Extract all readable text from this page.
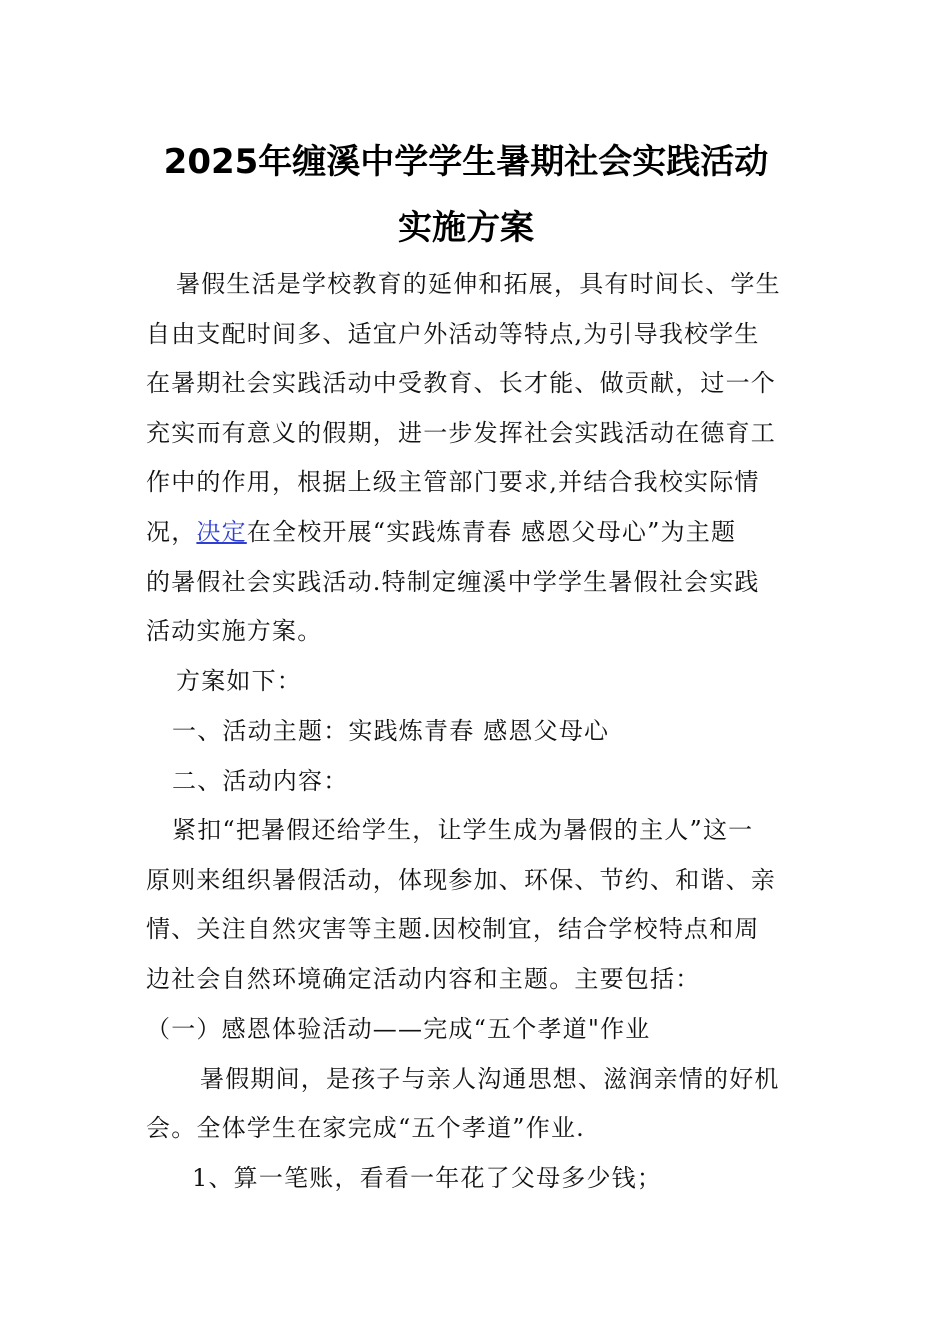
2025年缠溪中学学生暑期社会实践活动
实施方案
暑假生活是学校教育的延伸和拓展，具有时间长、学生
自由支配时间多、适宜户外活动等特点,为引导我校学生
在暑期社会实践活动中受教育、长才能、做贡献，过一个
充实而有意义的假期，进一步发挥社会实践活动在德育工
作中的作用，根据上级主管部门要求,并结合我校实际情
况，决定在全校开展“实践炼青春 感恩父母心”为主题
的暑假社会实践活动.特制定缠溪中学学生暑假社会实践
活动实施方案。
方案如下：
一、活动主题：实践炼青春 感恩父母心
二、活动内容：
紧扣“把暑假还给学生，让学生成为暑假的主人”这一
原则来组织暑假活动，体现参加、环保、节约、和谐、亲
情、关注自然灾害等主题.因校制宜，结合学校特点和周
边社会自然环境确定活动内容和主题。主要包括：
（一）感恩体验活动——完成“五个孝道"作业
暑假期间，是孩子与亲人沟通思想、滋润亲情的好机
会。全体学生在家完成“五个孝道”作业.
1、算一笔账，看看一年花了父母多少钱；
